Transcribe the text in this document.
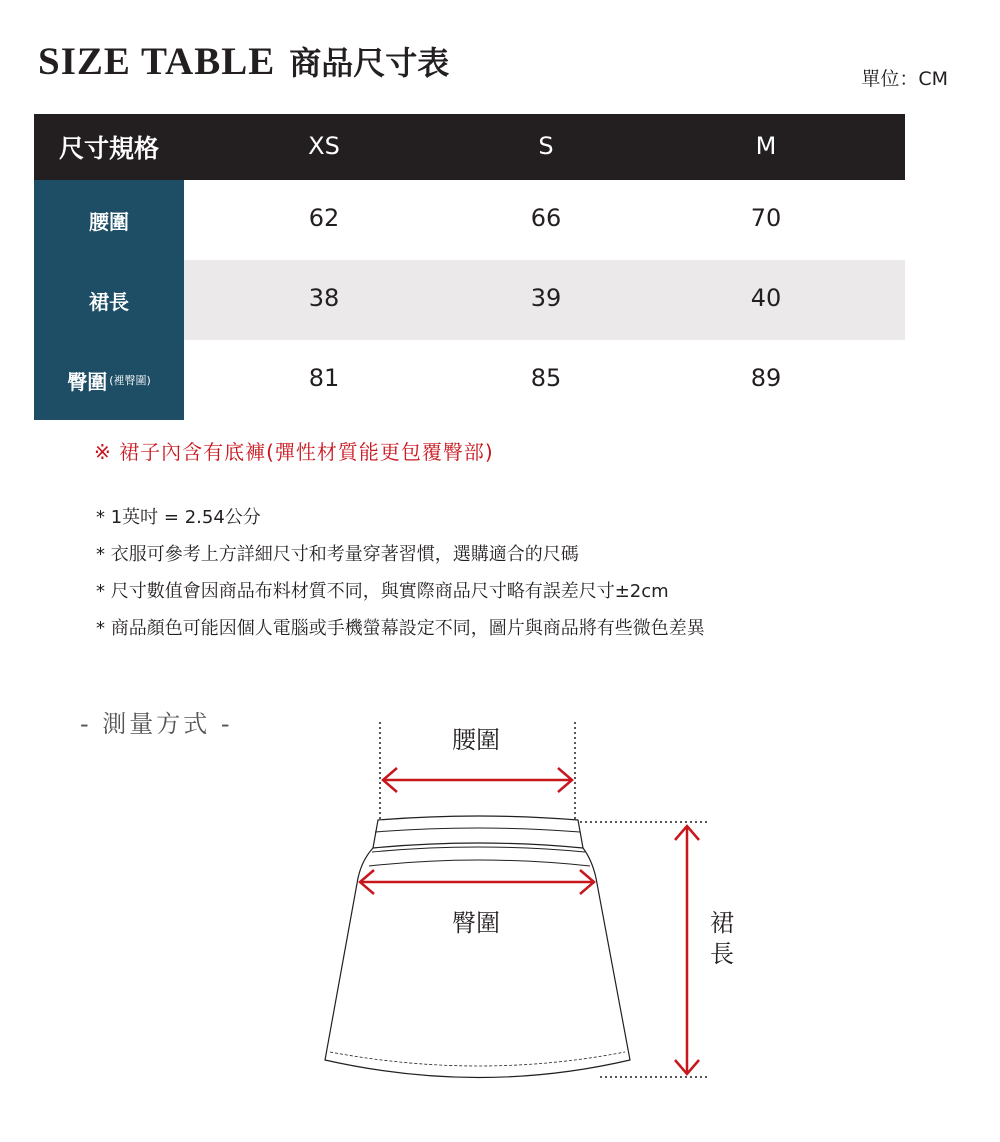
SIZE TABLE 商品尺寸表	單位：CM
尺寸規格	XS	S	M
腰圍	62	66	70
裙長	38	39	40
臀圍 (裡臀圍)	81	85	89
※ 裙子內含有底褲(彈性材質能更包覆臀部)
* 1英吋 = 2.54公分
* 衣服可參考上方詳細尺寸和考量穿著習慣，選購適合的尺碼
* 尺寸數值會因商品布料材質不同，與實際商品尺寸略有誤差尺寸±2cm
* 商品顏色可能因個人電腦或手機螢幕設定不同，圖片與商品將有些微色差異
- 測量方式 -
腰圍
臀圍	裙
長
